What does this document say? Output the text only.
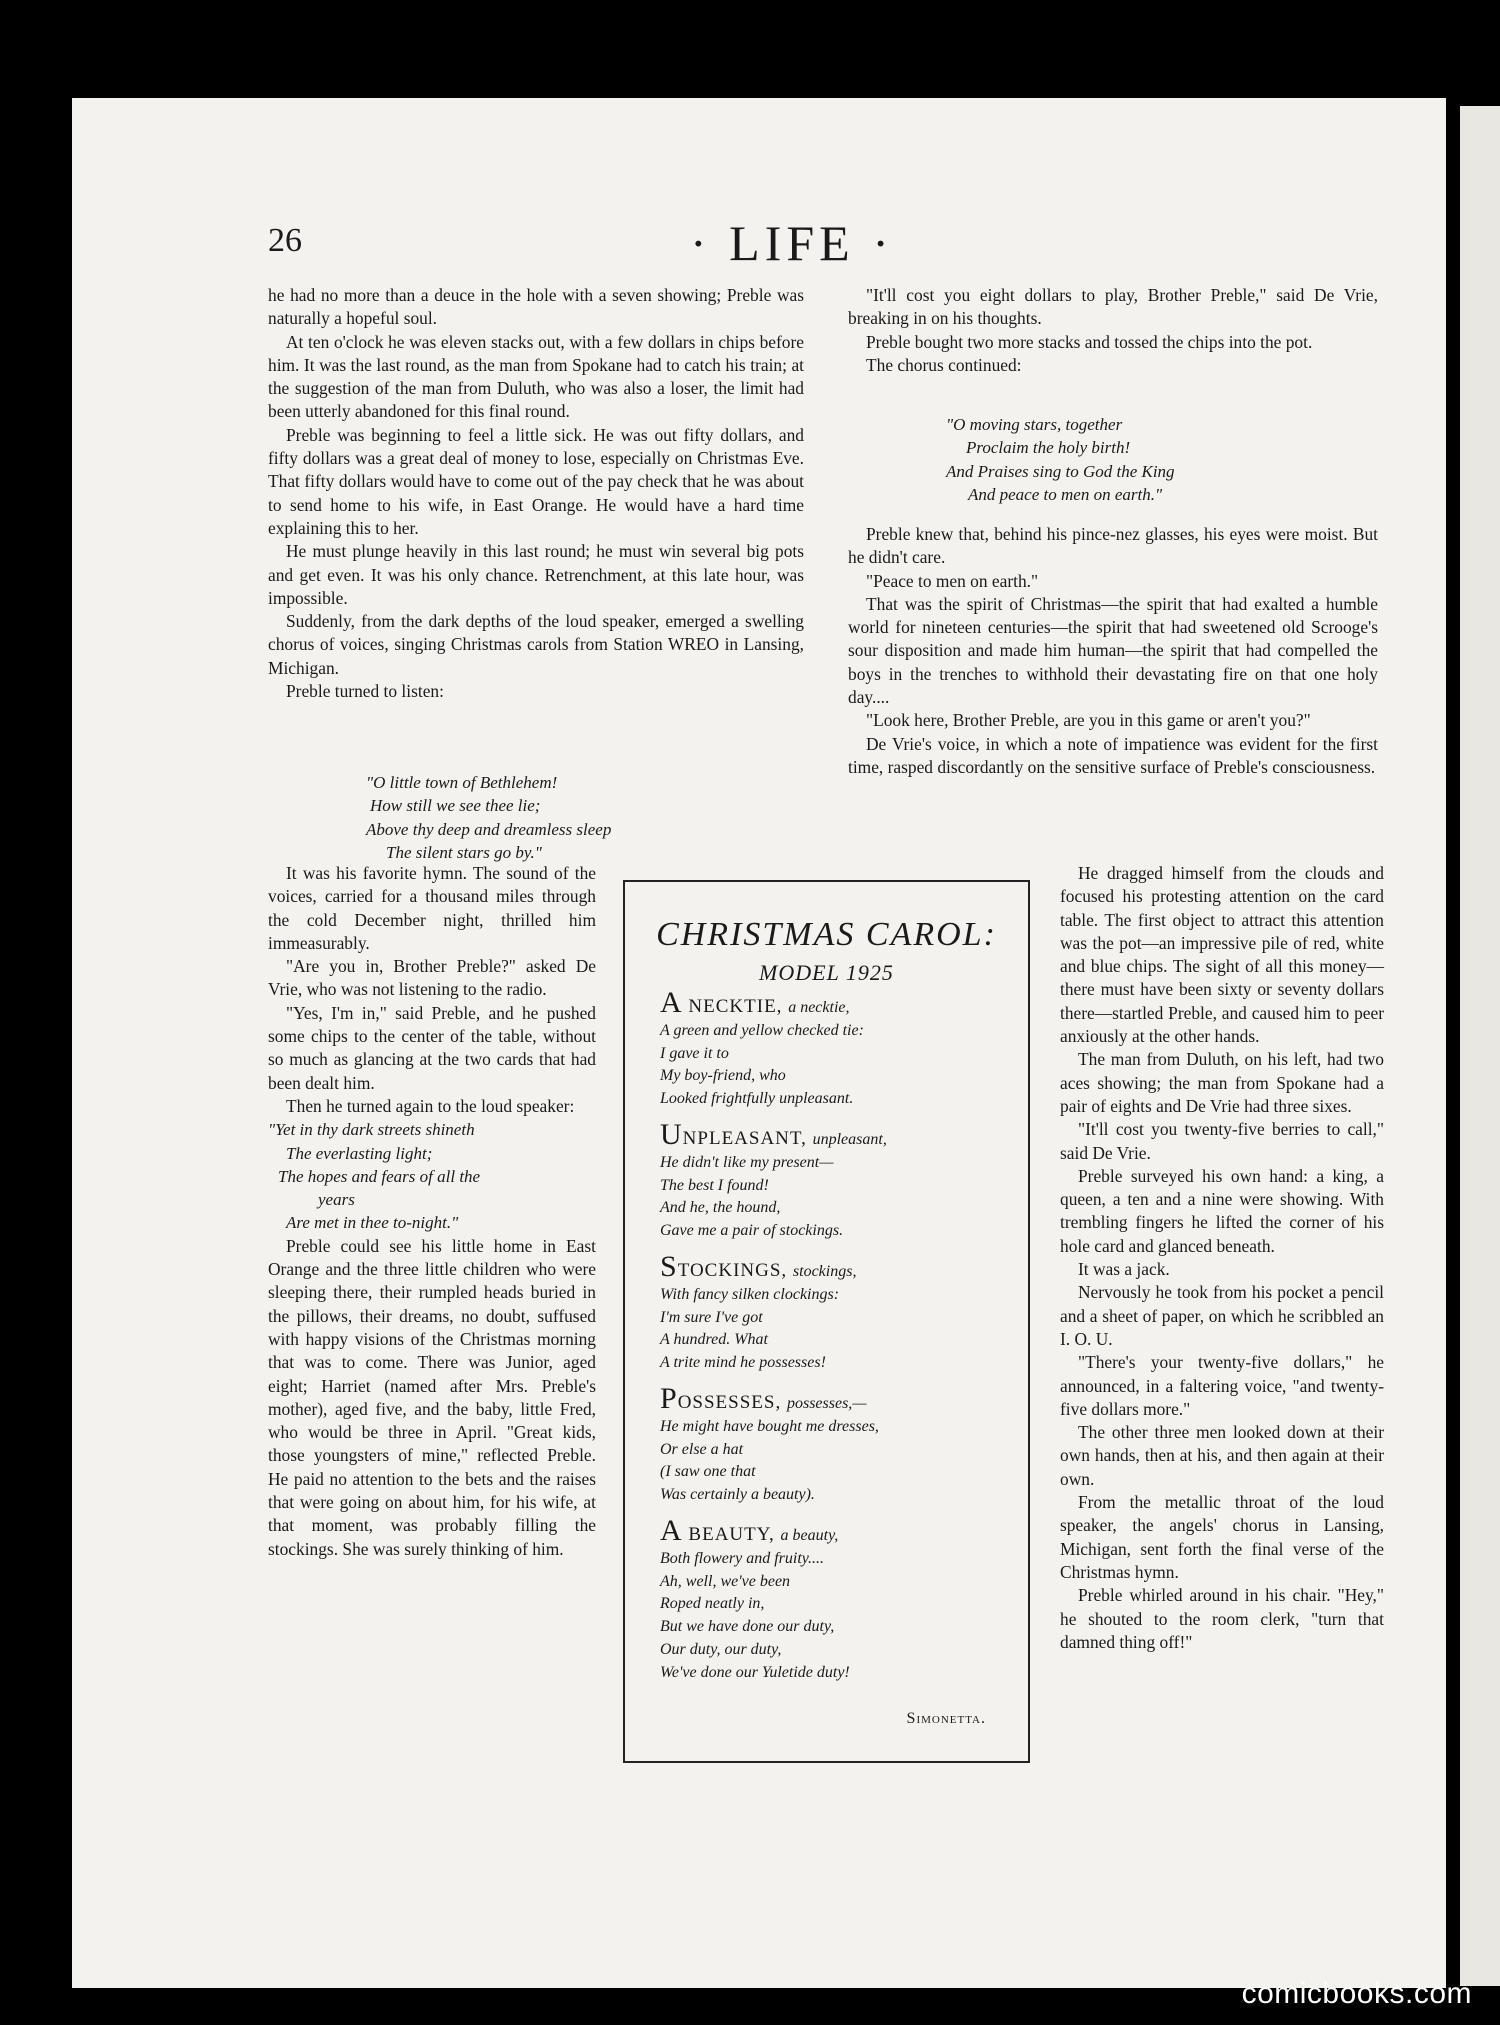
26	· LIFE ·

he had no more than a deuce in the hole with a seven showing; Preble was naturally a hopeful soul.

At ten o'clock he was eleven stacks out, with a few dollars in chips before him. It was the last round, as the man from Spokane had to catch his train; at the suggestion of the man from Duluth, who was also a loser, the limit had been utterly abandoned for this final round.

Preble was beginning to feel a little sick. He was out fifty dollars, and fifty dollars was a great deal of money to lose, especially on Christmas Eve. That fifty dollars would have to come out of the pay check that he was about to send home to his wife, in East Orange. He would have a hard time explaining this to her.

He must plunge heavily in this last round; he must win several big pots and get even. It was his only chance. Retrenchment, at this late hour, was impossible.

Suddenly, from the dark depths of the loud speaker, emerged a swelling chorus of voices, singing Christmas carols from Station WREO in Lansing, Michigan.

Preble turned to listen:

"O little town of Bethlehem!
How still we see thee lie;
Above thy deep and dreamless sleep
The silent stars go by."

It was his favorite hymn. The sound of the voices, carried for a thousand miles through the cold December night, thrilled him immeasurably.

"Are you in, Brother Preble?" asked De Vrie, who was not listening to the radio.

"Yes, I'm in," said Preble, and he pushed some chips to the center of the table, without so much as glancing at the two cards that had been dealt him.

Then he turned again to the loud speaker:

"Yet in thy dark streets shineth
The everlasting light;
The hopes and fears of all the
years
Are met in thee to-night."

Preble could see his little home in East Orange and the three little children who were sleeping there, their rumpled heads buried in the pillows, their dreams, no doubt, suffused with happy visions of the Christmas morning that was to come. There was Junior, aged eight; Harriet (named after Mrs. Preble's mother), aged five, and the baby, little Fred, who would be three in April. "Great kids, those youngsters of mine," reflected Preble. He paid no attention to the bets and the raises that were going on about him, for his wife, at that moment, was probably filling the stockings. She was surely thinking of him.

"It'll cost you eight dollars to play, Brother Preble," said De Vrie, breaking in on his thoughts.

Preble bought two more stacks and tossed the chips into the pot.

The chorus continued:

"O moving stars, together
Proclaim the holy birth!
And Praises sing to God the King
And peace to men on earth."

Preble knew that, behind his pince-nez glasses, his eyes were moist. But he didn't care.

"Peace to men on earth."

That was the spirit of Christmas—the spirit that had exalted a humble world for nineteen centuries—the spirit that had sweetened old Scrooge's sour disposition and made him human—the spirit that had compelled the boys in the trenches to withhold their devastating fire on that one holy day....

"Look here, Brother Preble, are you in this game or aren't you?"

De Vrie's voice, in which a note of impatience was evident for the first time, rasped discordantly on the sensitive surface of Preble's consciousness.

He dragged himself from the clouds and focused his protesting attention on the card table. The first object to attract this attention was the pot—an impressive pile of red, white and blue chips. The sight of all this money—there must have been sixty or seventy dollars there—startled Preble, and caused him to peer anxiously at the other hands.

The man from Duluth, on his left, had two aces showing; the man from Spokane had a pair of eights and De Vrie had three sixes.

"It'll cost you twenty-five berries to call," said De Vrie.

Preble surveyed his own hand: a king, a queen, a ten and a nine were showing. With trembling fingers he lifted the corner of his hole card and glanced beneath.

It was a jack.

Nervously he took from his pocket a pencil and a sheet of paper, on which he scribbled an I. O. U.

"There's your twenty-five dollars," he announced, in a faltering voice, "and twenty-five dollars more."

The other three men looked down at their own hands, then at his, and then again at their own.

From the metallic throat of the loud speaker, the angels' chorus in Lansing, Michigan, sent forth the final verse of the Christmas hymn.

Preble whirled around in his chair. "Hey," he shouted to the room clerk, "turn that damned thing off!"

CHRISTMAS CAROL:
MODEL 1925
A NECKTIE, a necktie,
A green and yellow checked tie:
I gave it to
My boy-friend, who
Looked frightfully unpleasant.
UNPLEASANT, unpleasant,
He didn't like my present—
The best I found!
And he, the hound,
Gave me a pair of stockings.
STOCKINGS, stockings,
With fancy silken clockings:
I'm sure I've got
A hundred. What
A trite mind he possesses!
POSSESSES, possesses,—
He might have bought me dresses,
Or else a hat
(I saw one that
Was certainly a beauty).
A BEAUTY, a beauty,
Both flowery and fruity....
Ah, well, we've been
Roped neatly in,
But we have done our duty,
Our duty, our duty,
We've done our Yuletide duty!
Simonetta.
comicbooks.com
